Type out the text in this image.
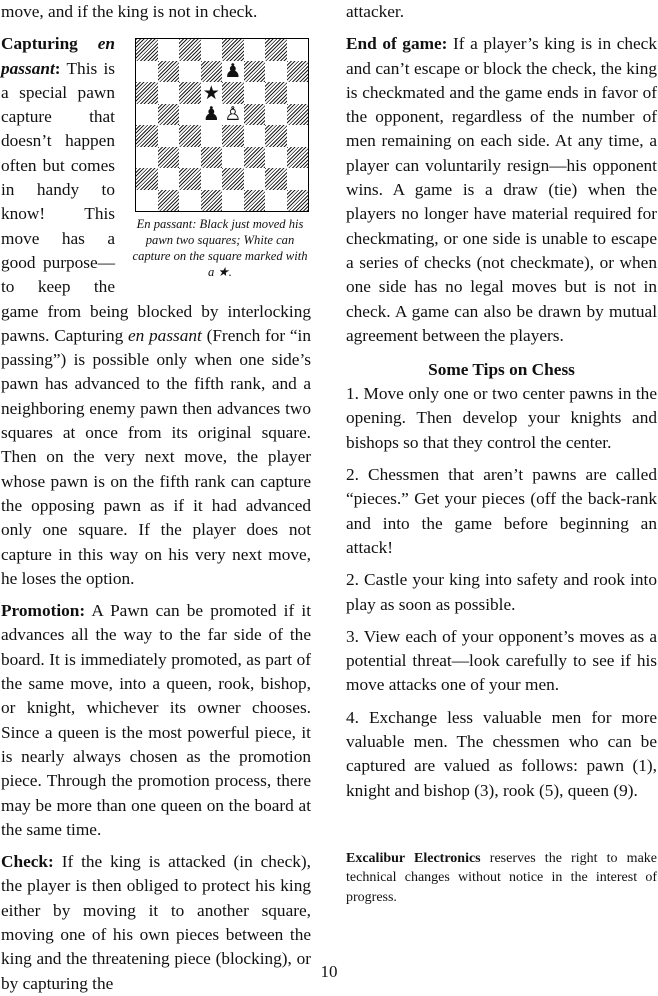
move, and if the king is not in check.

♟
★
♟ ♙
En passant: Black just moved his pawn two squares; White can capture on the square marked with a ★.
Capturing en passant: This is a special pawn capture that doesn’t happen often but comes in handy to know! This move has a good purpose—to keep the game from being blocked by interlocking pawns. Capturing en passant (French for “in passing”) is possible only when one side’s pawn has advanced to the fifth rank, and a neighboring enemy pawn then advances two squares at once from its original square. Then on the very next move, the player whose pawn is on the fifth rank can capture the opposing pawn as if it had advanced only one square. If the player does not capture in this way on his very next move, he loses the option.

Promotion: A Pawn can be promoted if it advances all the way to the far side of the board. It is immediately promoted, as part of the same move, into a queen, rook, bishop, or knight, whichever its owner chooses. Since a queen is the most powerful piece, it is nearly always chosen as the promotion piece. Through the promotion process, there may be more than one queen on the board at the same time.

Check: If the king is attacked (in check), the player is then obliged to protect his king either by moving it to another square, moving one of his own pieces between the king and the threatening piece (blocking), or by capturing the

attacker.

End of game: If a player’s king is in check and can’t escape or block the check, the king is checkmated and the game ends in favor of the opponent, regardless of the number of men remaining on each side. At any time, a player can voluntarily resign—his opponent wins. A game is a draw (tie) when the players no longer have material required for checkmating, or one side is unable to escape a series of checks (not checkmate), or when one side has no legal moves but is not in check. A game can also be drawn by mutual agreement between the players.

Some Tips on Chess

1. Move only one or two center pawns in the opening. Then develop your knights and bishops so that they control the center.

2. Chessmen that aren’t pawns are called “pieces.” Get your pieces (off the back-rank and into the game before beginning an attack!

2. Castle your king into safety and rook into play as soon as possible.

3. View each of your opponent’s moves as a potential threat—look carefully to see if his move attacks one of your men.

4. Exchange less valuable men for more valuable men. The chessmen who can be captured are valued as follows: pawn (1), knight and bishop (3), rook (5), queen (9).

Excalibur Electronics reserves the right to make technical changes without notice in the interest of progress.

10
